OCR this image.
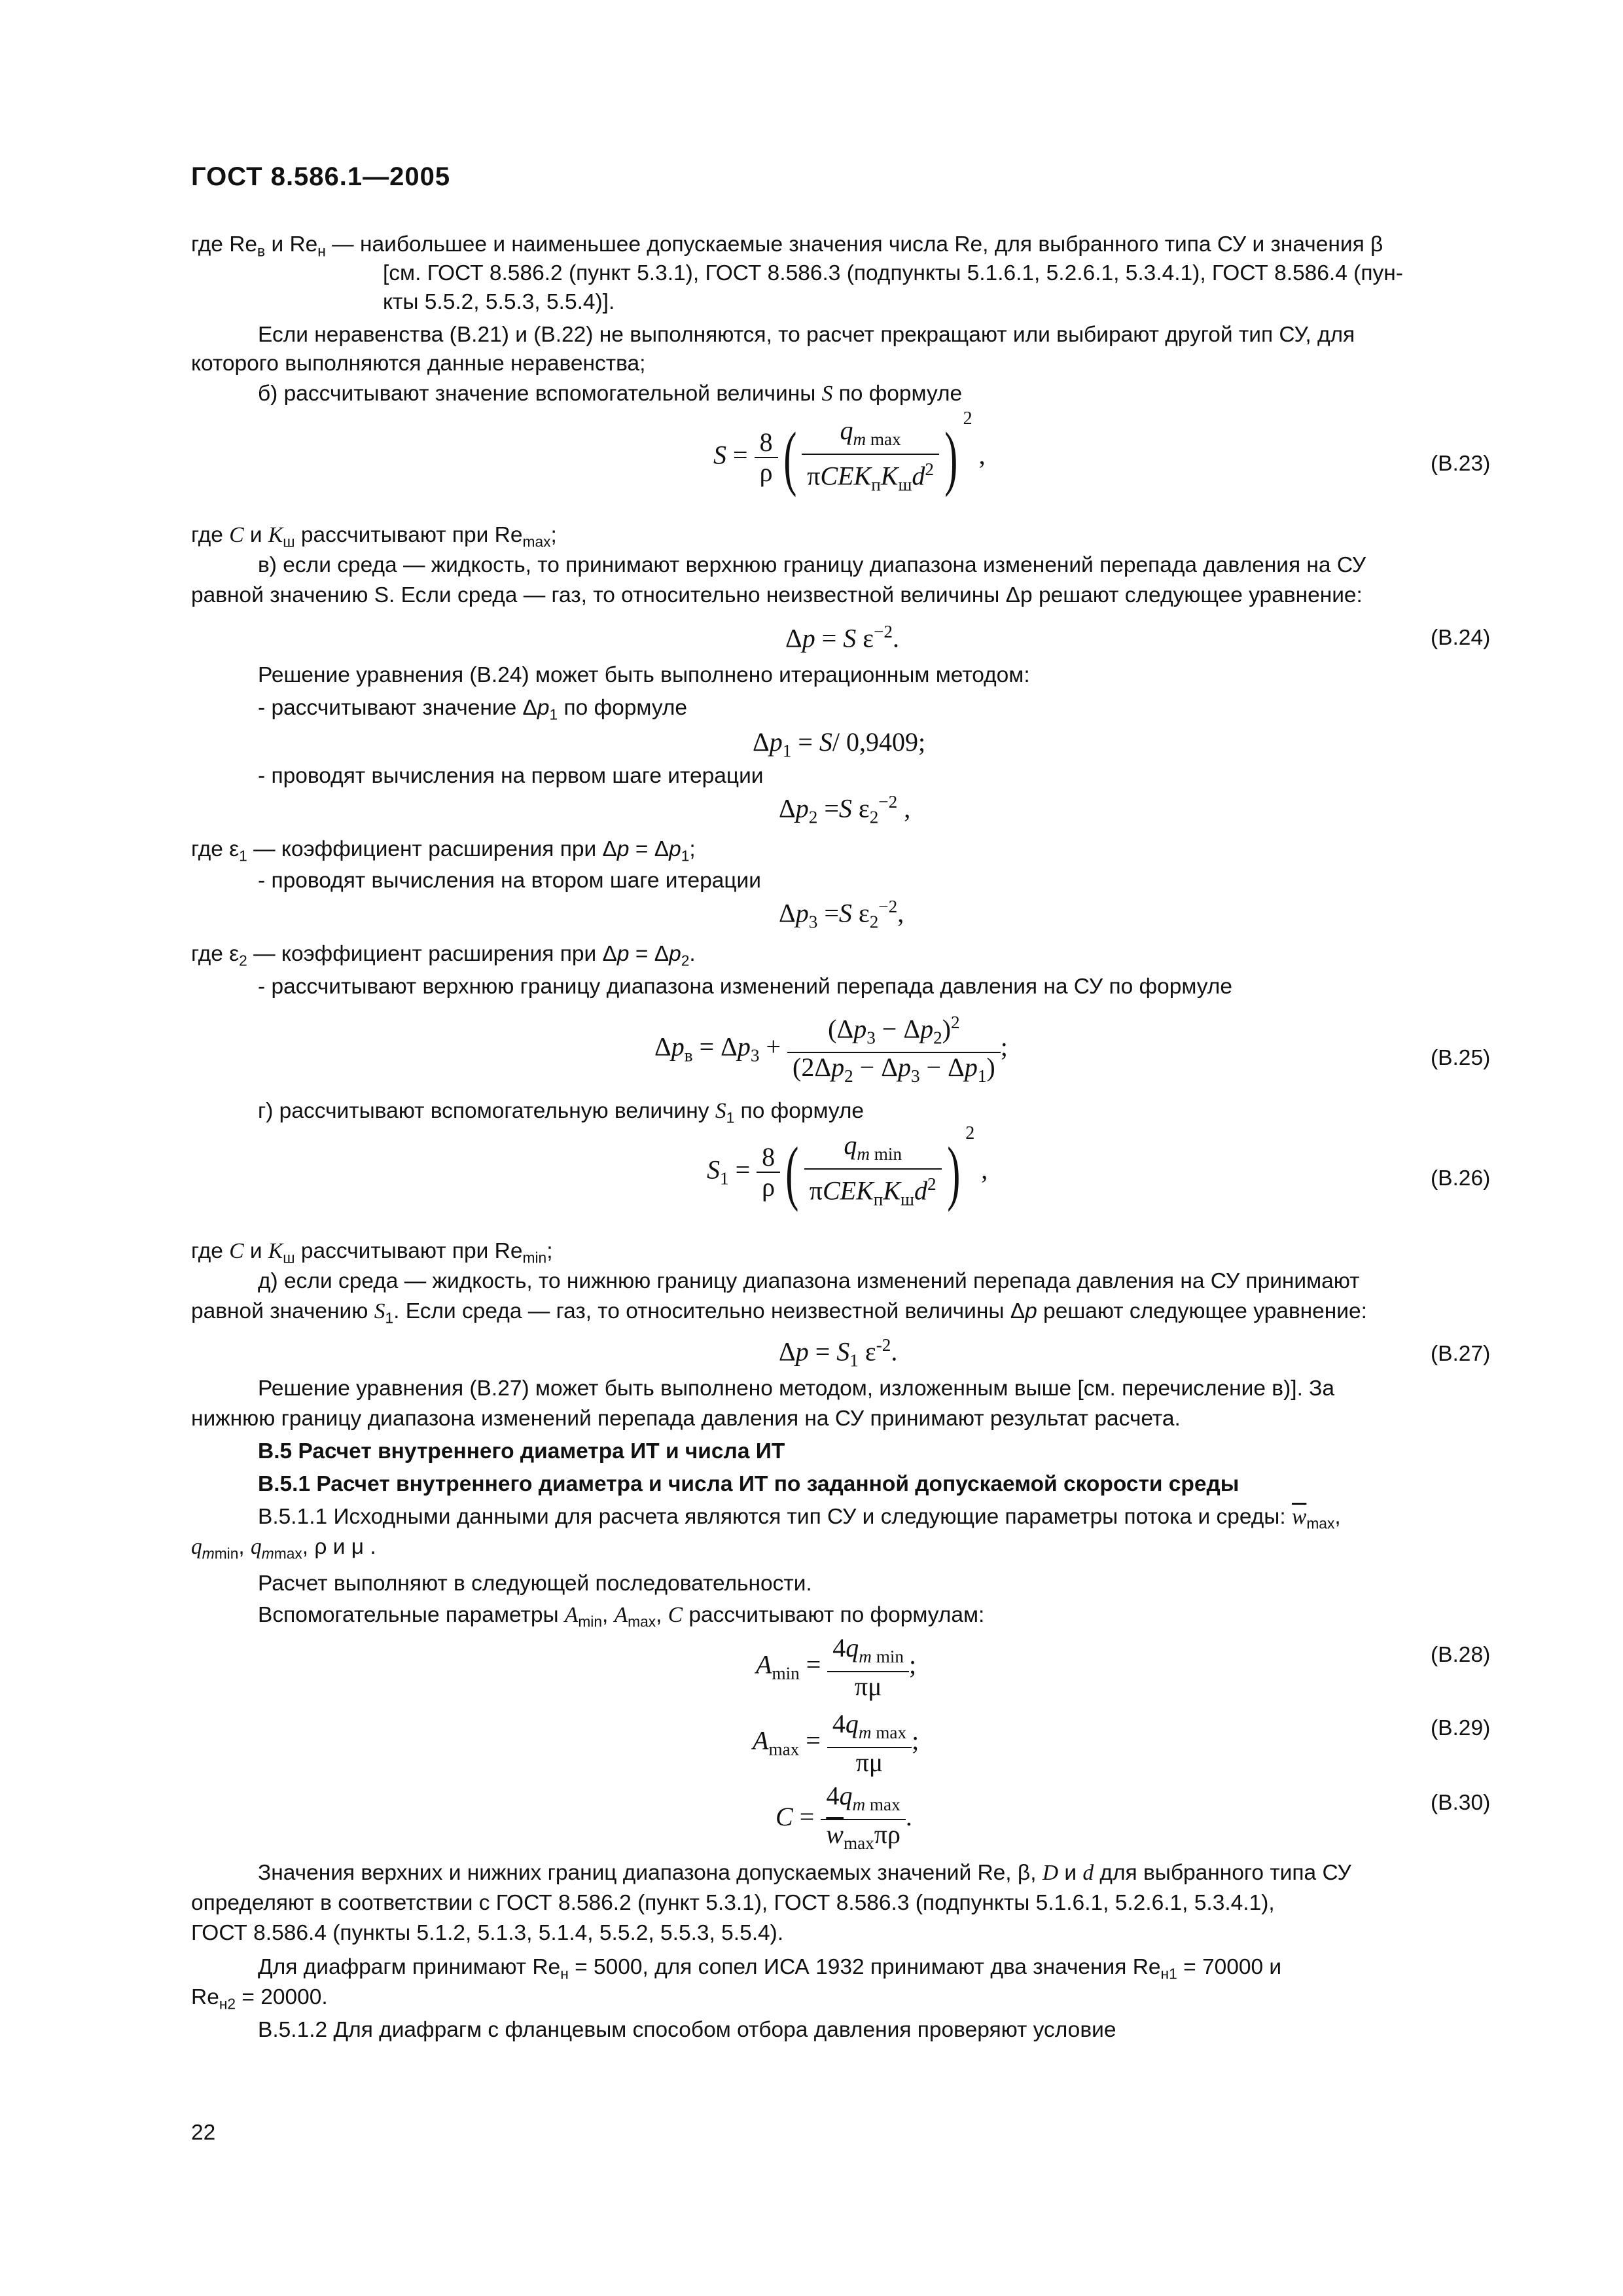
ГОСТ 8.586.1—2005
где $Re_в$ и $Re_н$ — наибольшее и наименьшее допускаемые значения числа Re, для выбранного типа СУ и значения β
[см. ГОСТ 8.586.2 (пункт 5.3.1), ГОСТ 8.586.3 (подпункты 5.1.6.1, 5.2.6.1, 5.3.4.1), ГОСТ 8.586.4 (пун-
кты 5.5.2, 5.5.3, 5.5.4)].
Если неравенства (В.21) и (В.22) не выполняются, то расчет прекращают или выбирают другой тип СУ, для
которого выполняются данные неравенства;
б) рассчитывают значение вспомогательной величины S по формуле
$S = \frac{8}{\rho}$ ( $\frac{q_{m max}}{\pi CEK_пK_шd^2}$ ) $^2$ ,	(В.23)
где C и $K_ш$ рассчитывают при $Re_{max}$;
в) если среда — жидкость, то принимают верхнюю границу диапазона изменений перепада давления на СУ
равной значению S. Если среда — газ, то относительно неизвестной величины Δp решают следующее уравнение:
Δp = S $\varepsilon^{-2}$.	(В.24)
Решение уравнения (В.24) может быть выполнено итерационным методом:
- рассчитывают значение $\Delta p_1$ по формуле
$\Delta p_1 = S/$ 0,9409;
- проводят вычисления на первом шаге итерации
$\Delta p_2 =S$ $\varepsilon_2^{-2}$ ,
где $\varepsilon_1$ — коэффициент расширения при $\Delta p = \Delta p_1$;
- проводят вычисления на втором шаге итерации
$\Delta p_3 =S$ $\varepsilon_2^{-2}$,
где $\varepsilon_2$ — коэффициент расширения при $\Delta p = \Delta p_2$.
- рассчитывают верхнюю границу диапазона изменений перепада давления на СУ по формуле
$\Delta p_в = \Delta p_3 + \frac{(\Delta p_3 - \Delta p_2)^2}{(2\Delta p_2 - \Delta p_3 - \Delta p_1)}$ ;	(В.25)
г) рассчитывают вспомогательную величину $S_1$ по формуле
$S_1 = \frac{8}{\rho}$ ( $\frac{q_{m min}}{\pi CEK_пK_шd^2}$ ) $^2$ ,	(В.26)
где C и $K_ш$ рассчитывают при $Re_{min}$;
д) если среда — жидкость, то нижнюю границу диапазона изменений перепада давления на СУ принимают
равной значению $S_1$. Если среда — газ, то относительно неизвестной величины Δp решают следующее уравнение:
$\Delta p = S_1$ $\varepsilon^{-2}$.	(В.27)
Решение уравнения (В.27) может быть выполнено методом, изложенным выше [см. перечисление в)]. За
нижнюю границу диапазона изменений перепада давления на СУ принимают результат расчета.
В.5 Расчет внутреннего диаметра ИТ и числа ИТ
В.5.1 Расчет внутреннего диаметра и числа ИТ по заданной допускаемой скорости среды
В.5.1.1 Исходными данными для расчета являются тип СУ и следующие параметры потока и среды: $\overline{w}_{max}$,
$q_{mmin}$, $q_{mmax}$, ρ и μ .
Расчет выполняют в следующей последовательности.
Вспомогательные параметры $A_{min}$, $A_{max}$, C рассчитывают по формулам:
$A_{min} = \frac{4q_{m min}}{\pi\mu}$ ;	(В.28)
$A_{max} = \frac{4q_{m max}}{\pi\mu}$ ;	(В.29)
$C = \frac{4q_{m max}}{\overline{w}_{max}\pi\rho}$ .	(В.30)
Значения верхних и нижних границ диапазона допускаемых значений Re, β, D и d для выбранного типа СУ
определяют в соответствии с ГОСТ 8.586.2 (пункт 5.3.1), ГОСТ 8.586.3 (подпункты 5.1.6.1, 5.2.6.1, 5.3.4.1),
ГОСТ 8.586.4 (пункты 5.1.2, 5.1.3, 5.1.4, 5.5.2, 5.5.3, 5.5.4).
Для диафрагм принимают $Re_н = 5000$, для сопел ИСА 1932 принимают два значения $Re_{н1} = 70000$ и
$Re_{н2} = 20000$.
В.5.1.2 Для диафрагм с фланцевым способом отбора давления проверяют условие
22
